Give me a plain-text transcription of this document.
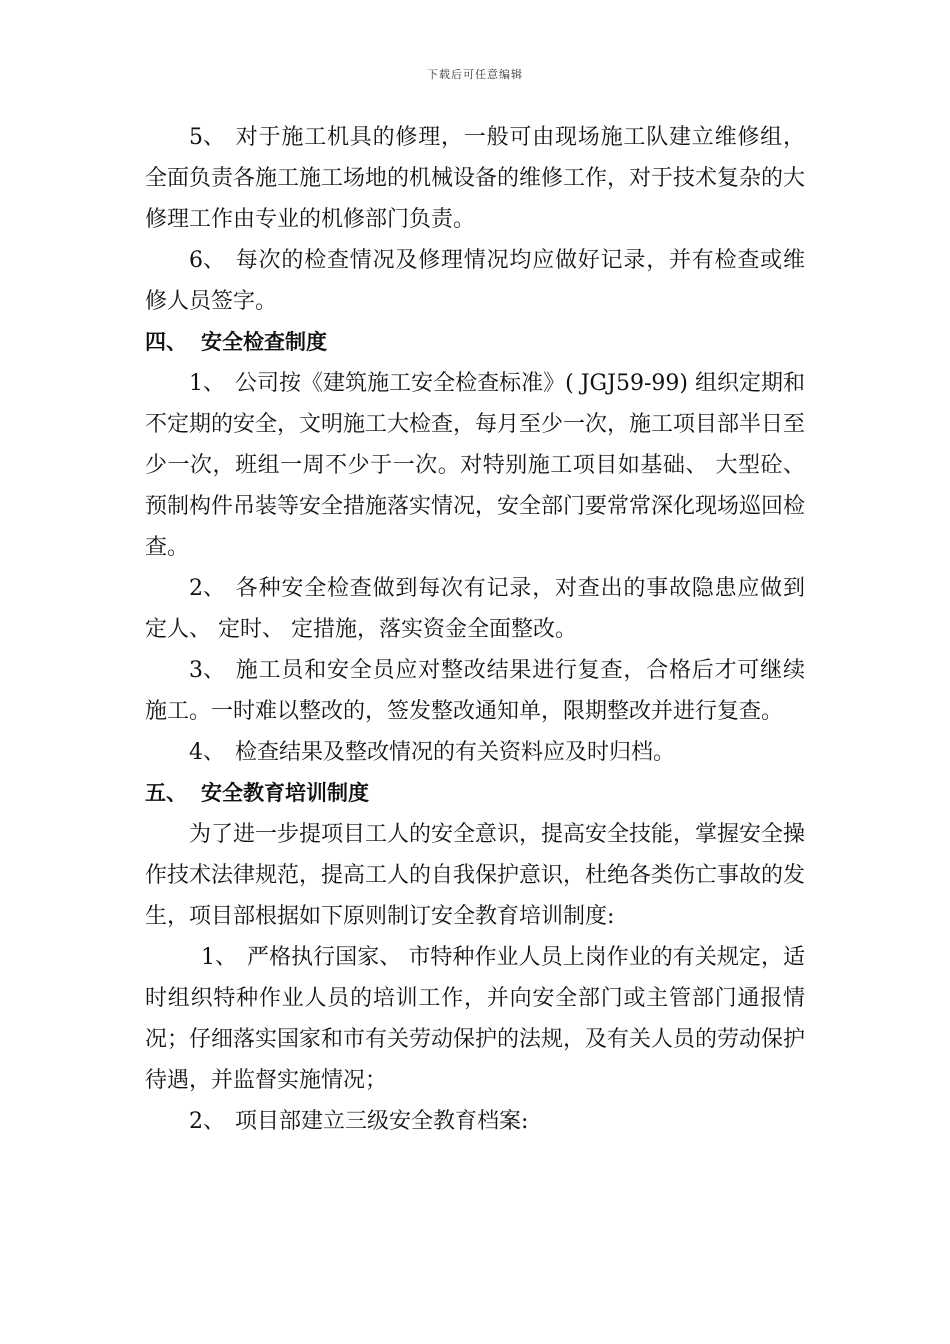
下载后可任意编辑

5、 对于施工机具的修理，一般可由现场施工队建立维修组，全面负责各施工施工场地的机械设备的维修工作，对于技术复杂的大修理工作由专业的机修部门负责。

6、 每次的检查情况及修理情况均应做好记录，并有检查或维修人员签字。

四、 安全检查制度

1、 公司按《建筑施工安全检查标准》( JGJ59-99) 组织定期和不定期的安全，文明施工大检查，每月至少一次，施工项目部半日至少一次，班组一周不少于一次。对特别施工项目如基础、 大型砼、 预制构件吊装等安全措施落实情况，安全部门要常常深化现场巡回检查。

2、 各种安全检查做到每次有记录，对查出的事故隐患应做到定人、 定时、 定措施，落实资金全面整改。

3、 施工员和安全员应对整改结果进行复查，合格后才可继续施工。一时难以整改的，签发整改通知单，限期整改并进行复查。

4、 检查结果及整改情况的有关资料应及时归档。

五、 安全教育培训制度

为了进一步提项目工人的安全意识，提高安全技能，掌握安全操作技术法律规范，提高工人的自我保护意识，杜绝各类伤亡事故的发生，项目部根据如下原则制订安全教育培训制度:

1、 严格执行国家、 市特种作业人员上岗作业的有关规定，适时组织特种作业人员的培训工作，并向安全部门或主管部门通报情况；仔细落实国家和市有关劳动保护的法规，及有关人员的劳动保护待遇，并监督实施情况；

2、 项目部建立三级安全教育档案:
